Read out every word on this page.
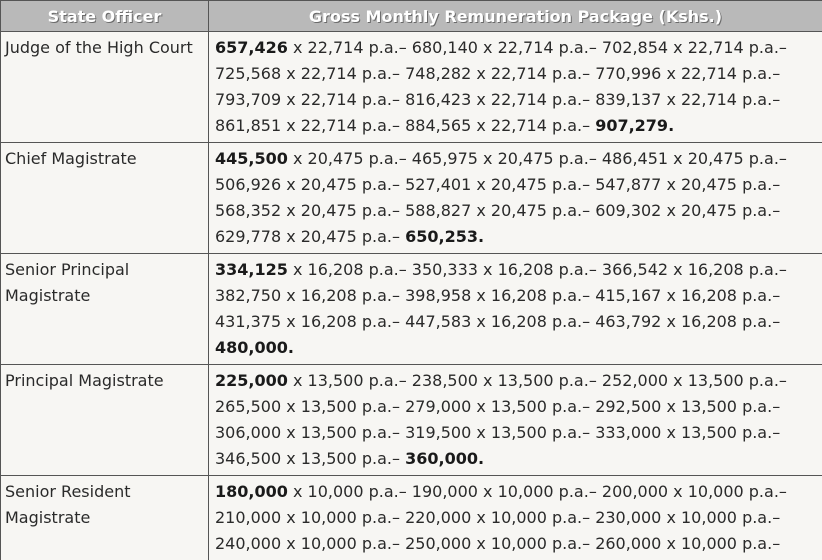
State Officer	Gross Monthly Remuneration Package (Kshs.)
Judge of the High Court	657,426 x 22,714 p.a.– 680,140 x 22,714 p.a.– 702,854 x 22,714 p.a.– 725,568 x 22,714 p.a.– 748,282 x 22,714 p.a.– 770,996 x 22,714 p.a.– 793,709 x 22,714 p.a.– 816,423 x 22,714 p.a.– 839,137 x 22,714 p.a.– 861,851 x 22,714 p.a.– 884,565 x 22,714 p.a.– 907,279.
Chief Magistrate	445,500 x 20,475 p.a.– 465,975 x 20,475 p.a.– 486,451 x 20,475 p.a.– 506,926 x 20,475 p.a.– 527,401 x 20,475 p.a.– 547,877 x 20,475 p.a.– 568,352 x 20,475 p.a.– 588,827 x 20,475 p.a.– 609,302 x 20,475 p.a.– 629,778 x 20,475 p.a.– 650,253.
Senior Principal Magistrate	334,125 x 16,208 p.a.– 350,333 x 16,208 p.a.– 366,542 x 16,208 p.a.– 382,750 x 16,208 p.a.– 398,958 x 16,208 p.a.– 415,167 x 16,208 p.a.– 431,375 x 16,208 p.a.– 447,583 x 16,208 p.a.– 463,792 x 16,208 p.a.– 480,000.
Principal Magistrate	225,000 x 13,500 p.a.– 238,500 x 13,500 p.a.– 252,000 x 13,500 p.a.– 265,500 x 13,500 p.a.– 279,000 x 13,500 p.a.– 292,500 x 13,500 p.a.– 306,000 x 13,500 p.a.– 319,500 x 13,500 p.a.– 333,000 x 13,500 p.a.– 346,500 x 13,500 p.a.– 360,000.
Senior Resident Magistrate	180,000 x 10,000 p.a.– 190,000 x 10,000 p.a.– 200,000 x 10,000 p.a.– 210,000 x 10,000 p.a.– 220,000 x 10,000 p.a.– 230,000 x 10,000 p.a.– 240,000 x 10,000 p.a.– 250,000 x 10,000 p.a.– 260,000 x 10,000 p.a.–
